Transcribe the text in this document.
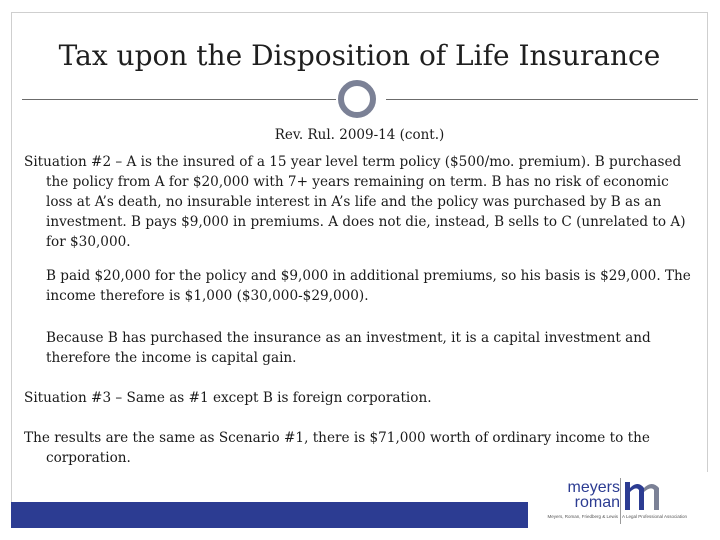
Tax upon the Disposition of Life Insurance
Rev. Rul. 2009-14 (cont.)

Situation #2 – A is the insured of a 15 year level term policy ($500/mo. premium). B purchased the policy from A for $20,000 with 7+ years remaining on term. B has no risk of economic loss at A’s death, no insurable interest in A’s life and the policy was purchased by B as an investment. B pays $9,000 in premiums. A does not die, instead, B sells to C (unrelated to A) for $30,000.

B paid $20,000 for the policy and $9,000 in additional premiums, so his basis is $29,000. The income therefore is $1,000 ($30,000-$29,000).

Because B has purchased the insurance as an investment, it is a capital investment and therefore the income is capital gain.

Situation #3 – Same as #1 except B is foreign corporation.

The results are the same as Scenario #1, there is $71,000 worth of ordinary income to the corporation.

meyers
roman
Meyers, Roman, Friedberg & Lewis A Legal Professional Association
